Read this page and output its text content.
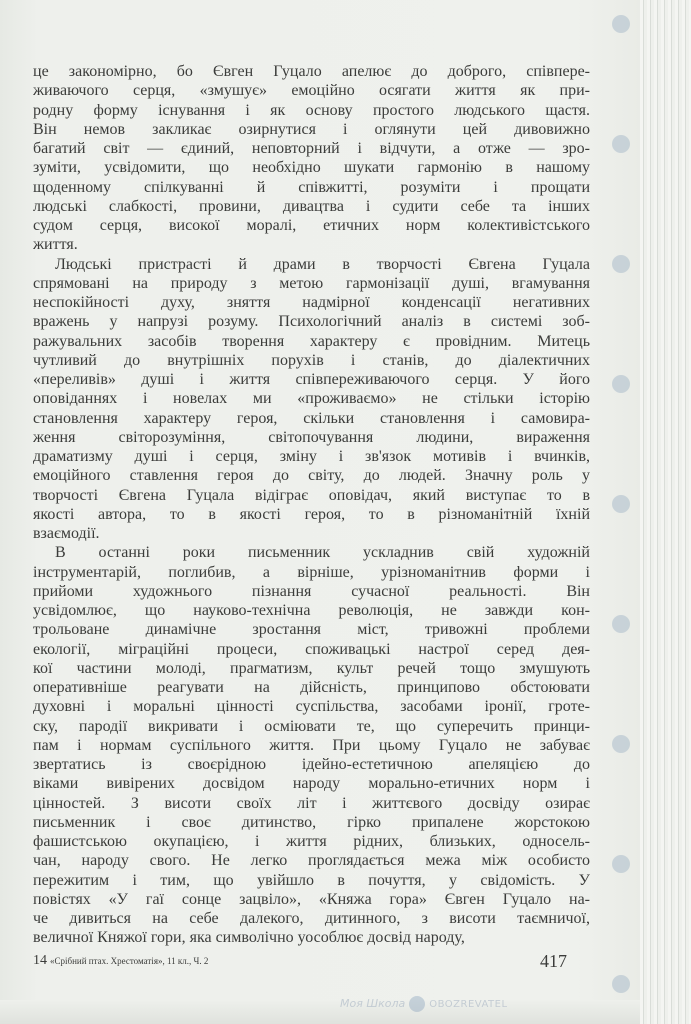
це закономірно, бо Євген Гуцало апелює до доброго, співпере-
живаючого серця, «змушує» емоційно осягати життя як при-
родну форму існування і як основу простого людського щастя.
Він немов закликає озирнутися і оглянути цей дивовижно
багатий світ — єдиний, неповторний і відчути, а отже — зро-
зуміти, усвідомити, що необхідно шукати гармонію в нашому
щоденному спілкуванні й співжитті, розуміти і прощати
людські слабкості, провини, дивацтва і судити себе та інших
судом серця, високої моралі, етичних норм колективістського
життя.
Людські пристрасті й драми в творчості Євгена Гуцала
спрямовані на природу з метою гармонізації душі, вгамування
неспокійності духу, зняття надмірної конденсації негативних
вражень у напрузі розуму. Психологічний аналіз в системі зоб-
ражувальних засобів творення характеру є провідним. Митець
чутливий до внутрішніх порухів і станів, до діалектичних
«переливів» душі і життя співпереживаючого серця. У його
оповіданнях і новелах ми «проживаємо» не стільки історію
становлення характеру героя, скільки становлення і самовира-
ження світорозуміння, світопочування людини, вираження
драматизму душі і серця, зміну і зв'язок мотивів і вчинків,
емоційного ставлення героя до світу, до людей. Значну роль у
творчості Євгена Гуцала відіграє оповідач, який виступає то в
якості автора, то в якості героя, то в різноманітній їхній
взаємодії.
В останні роки письменник ускладнив свій художній
інструментарій, поглибив, а вірніше, урізноманітнив форми і
прийоми художнього пізнання сучасної реальності. Він
усвідомлює, що науково-технічна революція, не завжди кон-
трольоване динамічне зростання міст, тривожні проблеми
екології, міграційні процеси, споживацькі настрої серед дея-
кої частини молоді, прагматизм, культ речей тощо змушують
оперативніше реагувати на дійсність, принципово обстоювати
духовні і моральні цінності суспільства, засобами іронії, гроте-
ску, пародії викривати і осміювати те, що суперечить принци-
пам і нормам суспільного життя. При цьому Гуцало не забуває
звертатись із своєрідною ідейно-естетичною апеляцією до
віками вивірених досвідом народу морально-етичних норм і
цінностей. З висоти своїх літ і життєвого досвіду озирає
письменник і своє дитинство, гірко припалене жорстокою
фашистською окупацією, і життя рідних, близьких, односель-
чан, народу свого. Не легко проглядається межа між особисто
пережитим і тим, що увійшло в почуття, у свідомість. У
повістях «У гаї сонце зацвіло», «Княжа гора» Євген Гуцало на-
че дивиться на себе далекого, дитинного, з висоти таємничої,
величної Княжої гори, яка символічно уособлює досвід народу,
14 «Срібний птах. Хрестоматія», 11 кл., Ч. 2	417
Моя Школа OBOZREVATEL
